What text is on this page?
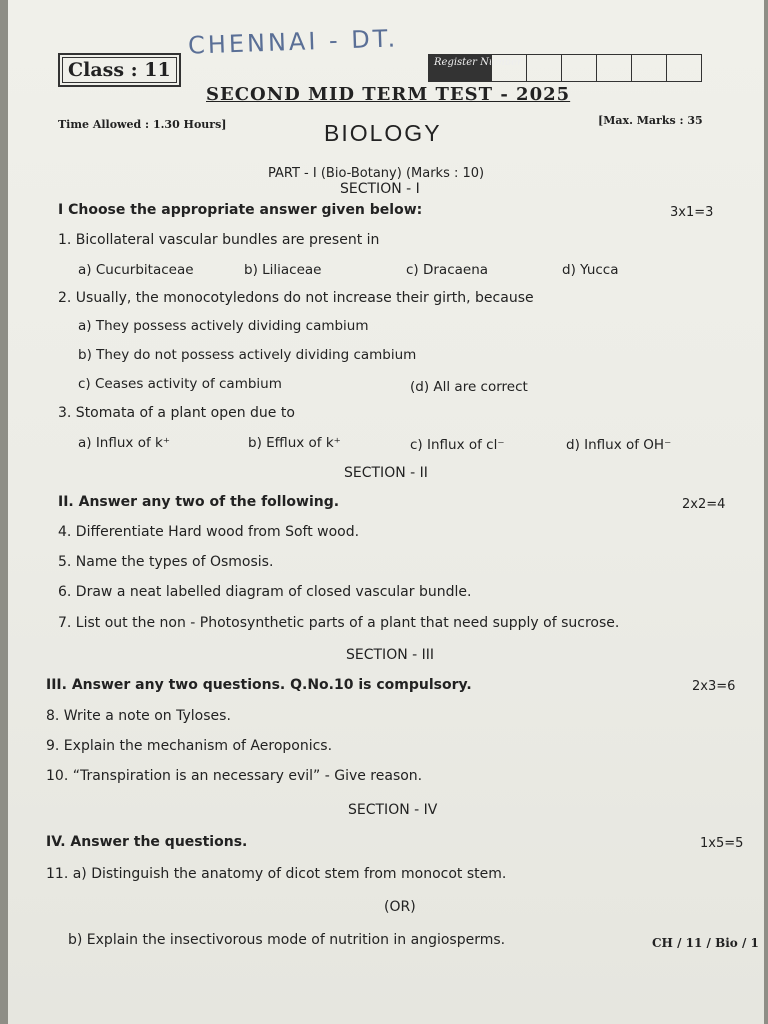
CHENNAI - DT.
Class : 11	Register Number
SECOND MID TERM TEST - 2025
Time Allowed : 1.30 Hours]	[Max. Marks : 35
BIOLOGY
PART - I (Bio-Botany) (Marks : 10)
SECTION - I
I Choose the appropriate answer given below:	3x1=3
1. Bicollateral vascular bundles are present in
a) Cucurbitaceae	b) Liliaceae	c) Dracaena	d) Yucca
2. Usually, the monocotyledons do not increase their girth, because
a) They possess actively dividing cambium
b) They do not possess actively dividing cambium
c) Ceases activity of cambium	(d) All are correct
3. Stomata of a plant open due to
a) Influx of k⁺	b) Efflux of k⁺	c) Influx of cl⁻	d) Influx of OH⁻
SECTION - II
II. Answer any two of the following.	2x2=4
4. Differentiate Hard wood from Soft wood.
5. Name the types of Osmosis.
6. Draw a neat labelled diagram of closed vascular bundle.
7. List out the non - Photosynthetic parts of a plant that need supply of sucrose.
SECTION - III
III. Answer any two questions. Q.No.10 is compulsory.	2x3=6
8. Write a note on Tyloses.
9. Explain the mechanism of Aeroponics.
10. “Transpiration is an necessary evil” - Give reason.
SECTION - IV
IV. Answer the questions.	1x5=5
11. a) Distinguish the anatomy of dicot stem from monocot stem.
(OR)
b) Explain the insectivorous mode of nutrition in angiosperms.	CH / 11 / Bio / 1
